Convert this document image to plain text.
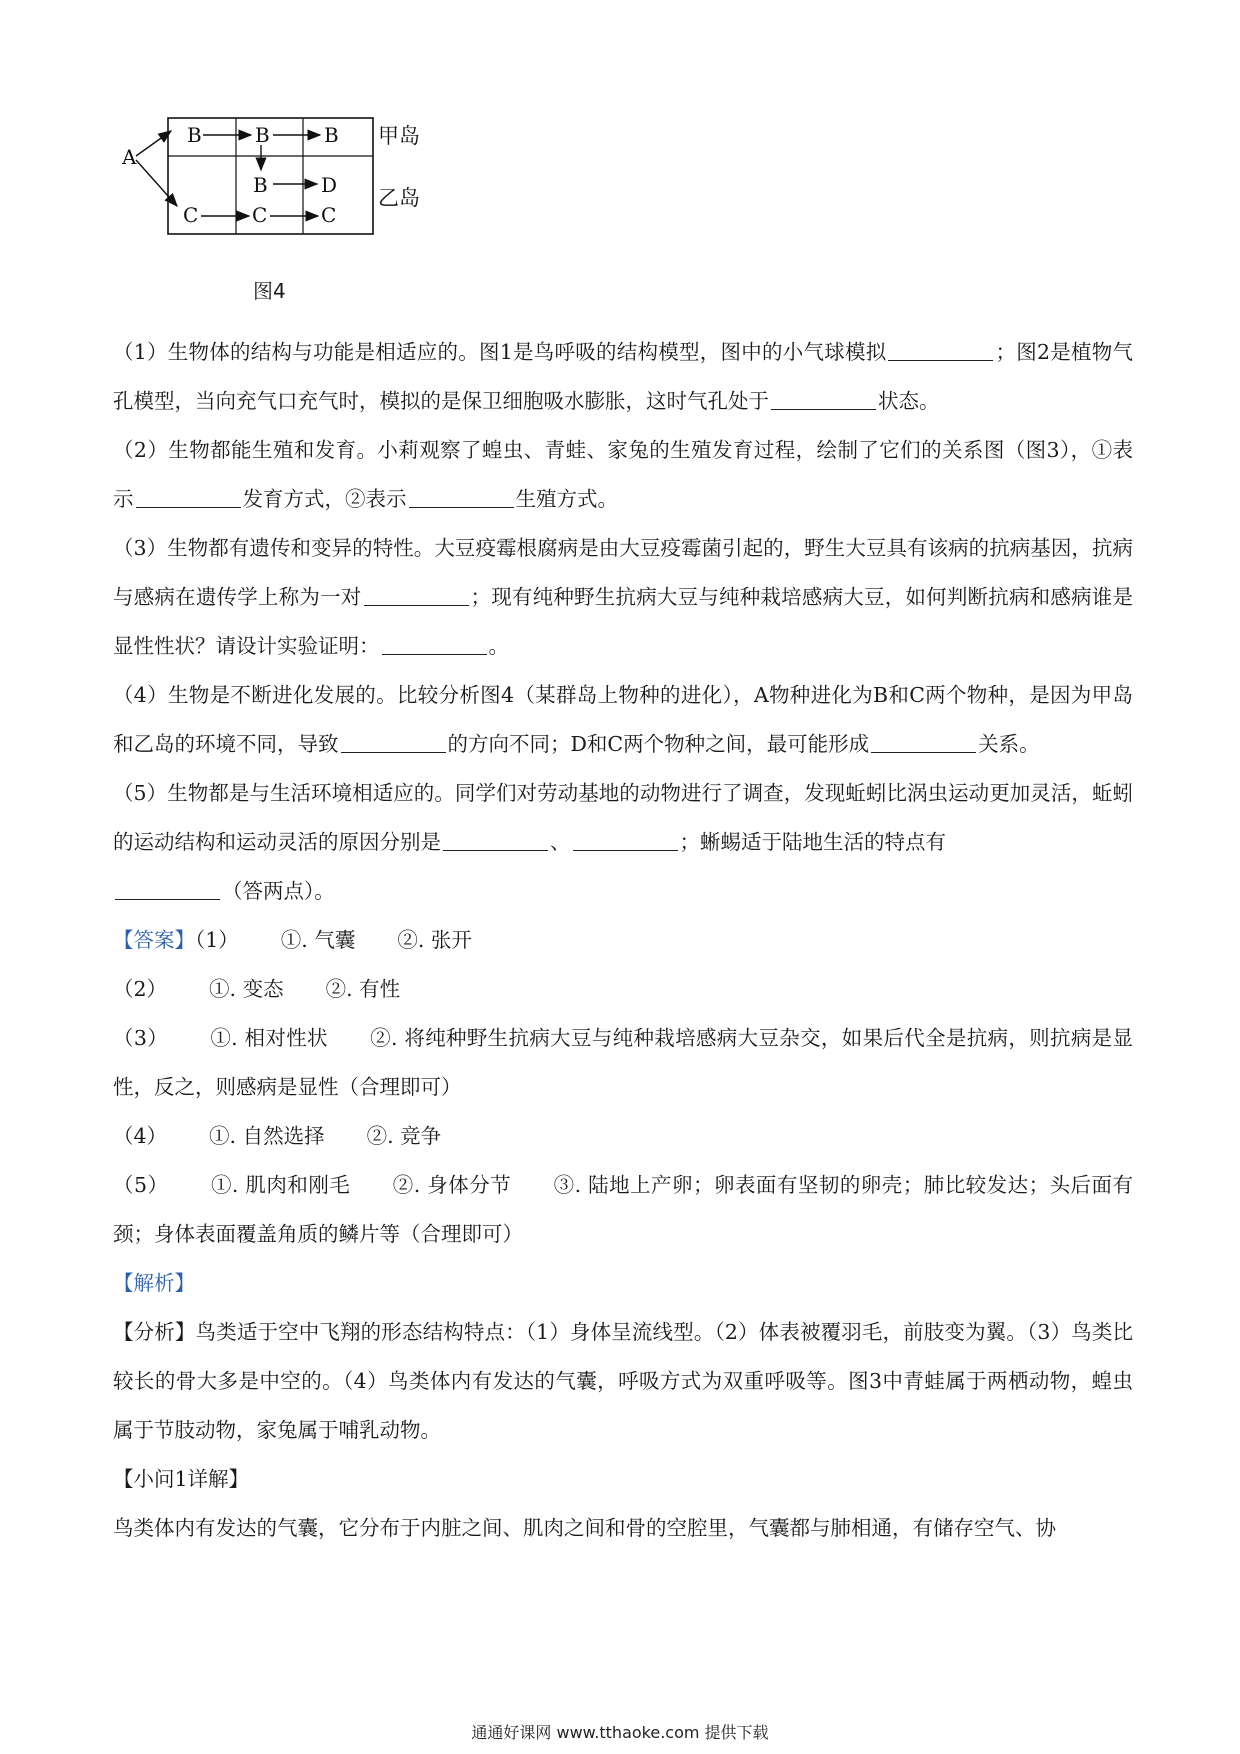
A
B	B	B
B	D
C	C	C
甲岛
乙岛
图4

（1）生物体的结构与功能是相适应的。图1是鸟呼吸的结构模型，图中的小气球模拟	；图2是植物气孔模型，当向充气口充气时，模拟的是保卫细胞吸水膨胀，这时气孔处于	状态。

（2）生物都能生殖和发育。小莉观察了蝗虫、青蛙、家兔的生殖发育过程，绘制了它们的关系图（图3），①表示	发育方式，②表示	生殖方式。

（3）生物都有遗传和变异的特性。大豆疫霉根腐病是由大豆疫霉菌引起的，野生大豆具有该病的抗病基因，抗病与感病在遗传学上称为一对	；现有纯种野生抗病大豆与纯种栽培感病大豆，如何判断抗病和感病谁是显性性状？请设计实验证明：	。

（4）生物是不断进化发展的。比较分析图4（某群岛上物种的进化），A物种进化为B和C两个物种，是因为甲岛和乙岛的环境不同，导致	的方向不同；D和C两个物种之间，最可能形成	关系。

（5）生物都是与生活环境相适应的。同学们对劳动基地的动物进行了调查，发现蚯蚓比涡虫运动更加灵活，蚯蚓的运动结构和运动灵活的原因分别是	、	；蜥蜴适于陆地生活的特点有
（答两点）。

【答案】（1） ①. 气囊 ②. 张开

（2） ①. 变态 ②. 有性

（3） ①. 相对性状 ②. 将纯种野生抗病大豆与纯种栽培感病大豆杂交，如果后代全是抗病，则抗病是显性，反之，则感病是显性（合理即可）

（4） ①. 自然选择 ②. 竞争

（5） ①. 肌肉和刚毛 ②. 身体分节 ③. 陆地上产卵；卵表面有坚韧的卵壳；肺比较发达；头后面有颈；身体表面覆盖角质的鳞片等（合理即可）

【解析】

【分析】鸟类适于空中飞翔的形态结构特点：（1）身体呈流线型。（2）体表被覆羽毛，前肢变为翼。（3）鸟类比较长的骨大多是中空的。（4）鸟类体内有发达的气囊，呼吸方式为双重呼吸等。图3中青蛙属于两栖动物，蝗虫属于节肢动物，家兔属于哺乳动物。

【小问1详解】

鸟类体内有发达的气囊，它分布于内脏之间、肌肉之间和骨的空腔里，气囊都与肺相通，有储存空气、协

通通好课网 www.tthaoke.com 提供下载
